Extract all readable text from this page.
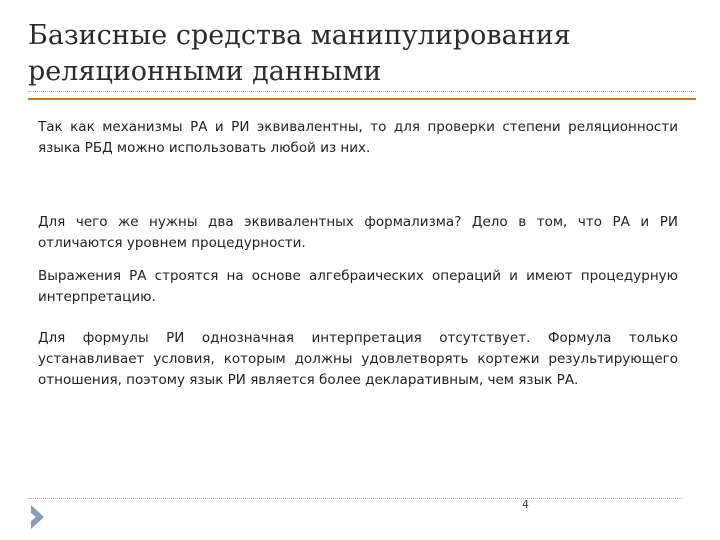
Базисные средства манипулирования реляционными данными

Так как механизмы РА и РИ эквивалентны, то для проверки степени реляционности языка РБД можно использовать любой из них.

Для чего же нужны два эквивалентных формализма? Дело в том, что РА и РИ отличаются уровнем процедурности.

Выражения РА строятся на основе алгебраических операций и имеют процедурную интерпретацию.

Для формулы РИ однозначная интерпретация отсутствует. Формула только устанавливает условия, которым должны удовлетворять кортежи результирующего отношения, поэтому язык РИ является более декларативным, чем язык РА.

4
